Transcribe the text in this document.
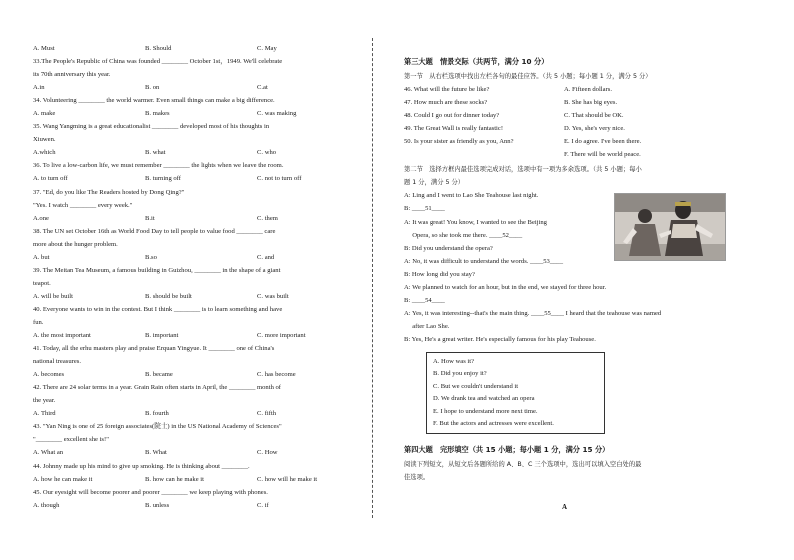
A. Must	B. Should	C. May
33.The People's Republic of China was founded ________ October 1st，1949. We'll celebrate
its 70th anniversary this year.
A.in	B. on	C.at
34. Volunteering ________ the world warmer. Even small things can make a big difference.
A. make	B. makes	C. was making
35. Wang Yangming is a great educationalist ________ developed most of his thoughts in
Xiuwen.
A.which	B. what	C. who
36. To live a low-carbon life, we must remember ________ the lights when we leave the room.
A. to turn off	B. turning off	C. not to turn off
37. "Ed, do you like The Readers hosted by Dong Qing?"
"Yes. I watch ________ every week."
A.one	B.it	C. them
38. The UN set October 16th as World Food Day to tell people to value food ________ care
more about the hunger problem.
A. but	B.so	C. and
39. The Meitan Tea Museum, a famous building in Guizhou, ________ in the shape of a giant
teapot.
A. will be built	B. should be built	C. was built
40. Everyone wants to win in the contest. But I think ________ is to learn something and have
fun.
A. the most important	B. important	C. more important
41. Today, all the erhu masters play and praise Erquan Yingyue. It ________ one of China's
national treasures.
A. becomes	B. became	C. has become
42. There are 24 solar terms in a year. Grain Rain often starts in April, the ________ month of
the year.
A. Third	B. fourth	C. fifth
43. "Yan Ning is one of 25 foreign associates(院士) in the US National Academy of Sciences"
"________ excellent she is!"
A. What an	B. What	C. How
44. Johnny made up his mind to give up smoking. He is thinking about ________.
A. how he can make it	B. how can he make it	C. how will he make it
45. Our eyesight will become poorer and poorer ________ we keep playing with phones.
A. though	B. unless	C. if
第三大题　情景交际（共两节，满分 10 分）
第一节　从右栏选项中找出左栏各句的最佳应答。（共 5 小题；每小题 1 分，满分 5 分）
46. What will the future be like?	A. Fifteen dollars.
47. How much are these socks?	B. She has big eyes.
48. Could I go out for dinner today?	C. That should be OK.
49. The Great Wall is really fantastic!	D. Yes, she's very nice.
50. Is your sister as friendly as you, Ann?	E. I do agree. I've been there.
F. There will be world peace.
第二节　选择方框内最佳选项完成对话，选项中有一项为多余选项。（共 5 小题；每小
题 1 分，满分 5 分）
A: Ling and I went to Lao She Teahouse last night.
B: ____51____
A: It was great! You know, I wanted to see the Beijing
　 Opera, so she took me there. ____52____
B: Did you understand the opera?
A: No, it was difficult to understand the words. ____53____
B: How long did you stay?
A: We planned to watch for an hour, but in the end, we stayed for three hour.
B: ____54____
A: Yes, it was interesting--that's the main thing. ____55____ I heard that the teahouse was named
　 after Lao She.
B: Yes, He's a great writer. He's especially famous for his play Teahouse.
A. How was it?
B. Did you enjoy it?
C. But we couldn't understand it
D. We drank tea and watched an opera
E. I hope to understand more next time.
F. But the actors and actresses were excellent.
第四大题　完形填空（共 15 小题；每小题 1 分，满分 15 分）
阅读下列短文，从短文后各题所给的 A、B、C 三个选项中，选出可以填入空白处的最
佳选项。
A
